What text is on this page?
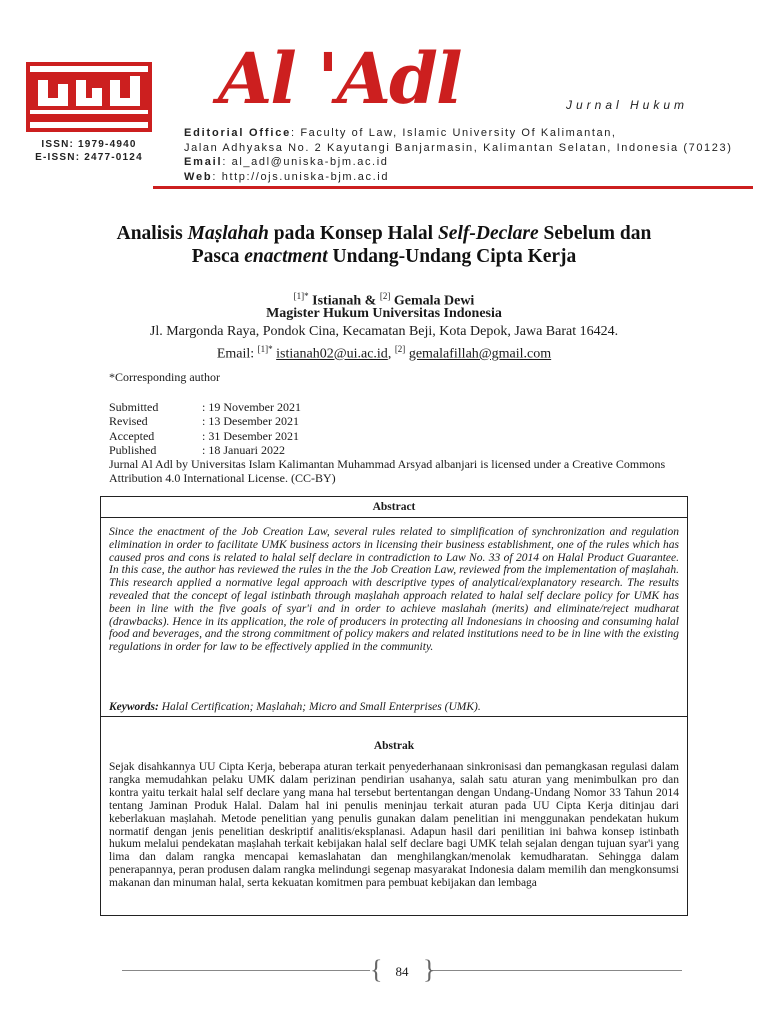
ISSN: 1979-4940
E-ISSN: 2477-0124
Al 'Adl	Jurnal Hukum
Editorial Office: Faculty of Law, Islamic University Of Kalimantan,
Jalan Adhyaksa No. 2 Kayutangi Banjarmasin, Kalimantan Selatan, Indonesia (70123)
Email: al_adl@uniska-bjm.ac.id
Web: http://ojs.uniska-bjm.ac.id
Analisis Maṣlahah pada Konsep Halal Self-Declare Sebelum dan
Pasca enactment Undang-Undang Cipta Kerja
$^{[1]*}$ Istianah & [2] Gemala Dewi
Magister Hukum Universitas Indonesia
Jl. Margonda Raya, Pondok Cina, Kecamatan Beji, Kota Depok, Jawa Barat 16424.
Email: $^{[1]*}$ istianah02@ui.ac.id, [2] gemalafillah@gmail.com
*Corresponding author
Submitted	: 19 November 2021
Revised	: 13 Desember 2021
Accepted	: 31 Desember 2021
Published	: 18 Januari 2022
Jurnal Al Adl by Universitas Islam Kalimantan Muhammad Arsyad albanjari is licensed under a Creative Commons Attribution 4.0 International License. (CC-BY)
Abstract
Since the enactment of the Job Creation Law, several rules related to simplification of synchronization and regulation elimination in order to facilitate UMK business actors in licensing their business establishment, one of the rules which has caused pros and cons is related to halal self declare in contradiction to Law No. 33 of 2014 on Halal Product Guarantee. In this case, the author has reviewed the rules in the the Job Creation Law, reviewed from the implementation of maṣlahah. This research applied a normative legal approach with descriptive types of analytical/explanatory research. The results revealed that the concept of legal istinbath through maṣlahah approach related to halal self declare policy for UMK has been in line with the five goals of syar'i and in order to achieve maslahah (merits) and eliminate/reject mudharat (drawbacks). Hence in its application, the role of producers in protecting all Indonesians in choosing and consuming halal food and beverages, and the strong commitment of policy makers and related institutions need to be in line with the existing regulations in order for law to be effectively applied in the community.
Keywords: Halal Certification; Maṣlahah; Micro and Small Enterprises (UMK).
Abstrak
Sejak disahkannya UU Cipta Kerja, beberapa aturan terkait penyederhanaan sinkronisasi dan pemangkasan regulasi dalam rangka memudahkan pelaku UMK dalam perizinan pendirian usahanya, salah satu aturan yang menimbulkan pro dan kontra yaitu terkait halal self declare yang mana hal tersebut bertentangan dengan Undang-Undang Nomor 33 Tahun 2014 tentang Jaminan Produk Halal. Dalam hal ini penulis meninjau terkait aturan pada UU Cipta Kerja ditinjau dari keberlakuan maṣlahah. Metode penelitian yang penulis gunakan dalam penelitian ini menggunakan pendekatan hukum normatif dengan jenis penelitian deskriptif analitis/eksplanasi. Adapun hasil dari penilitian ini bahwa konsep istinbath hukum melalui pendekatan maṣlahah terkait kebijakan halal self declare bagi UMK telah sejalan dengan tujuan syar'i yang lima dan dalam rangka mencapai kemaslahatan dan menghilangkan/menolak kemudharatan. Sehingga dalam penerapannya, peran produsen dalam rangka melindungi segenap masyarakat Indonesia dalam memilih dan mengkonsumsi makanan dan minuman halal, serta kekuatan komitmen para pembuat kebijakan dan lembaga
{ }
84
